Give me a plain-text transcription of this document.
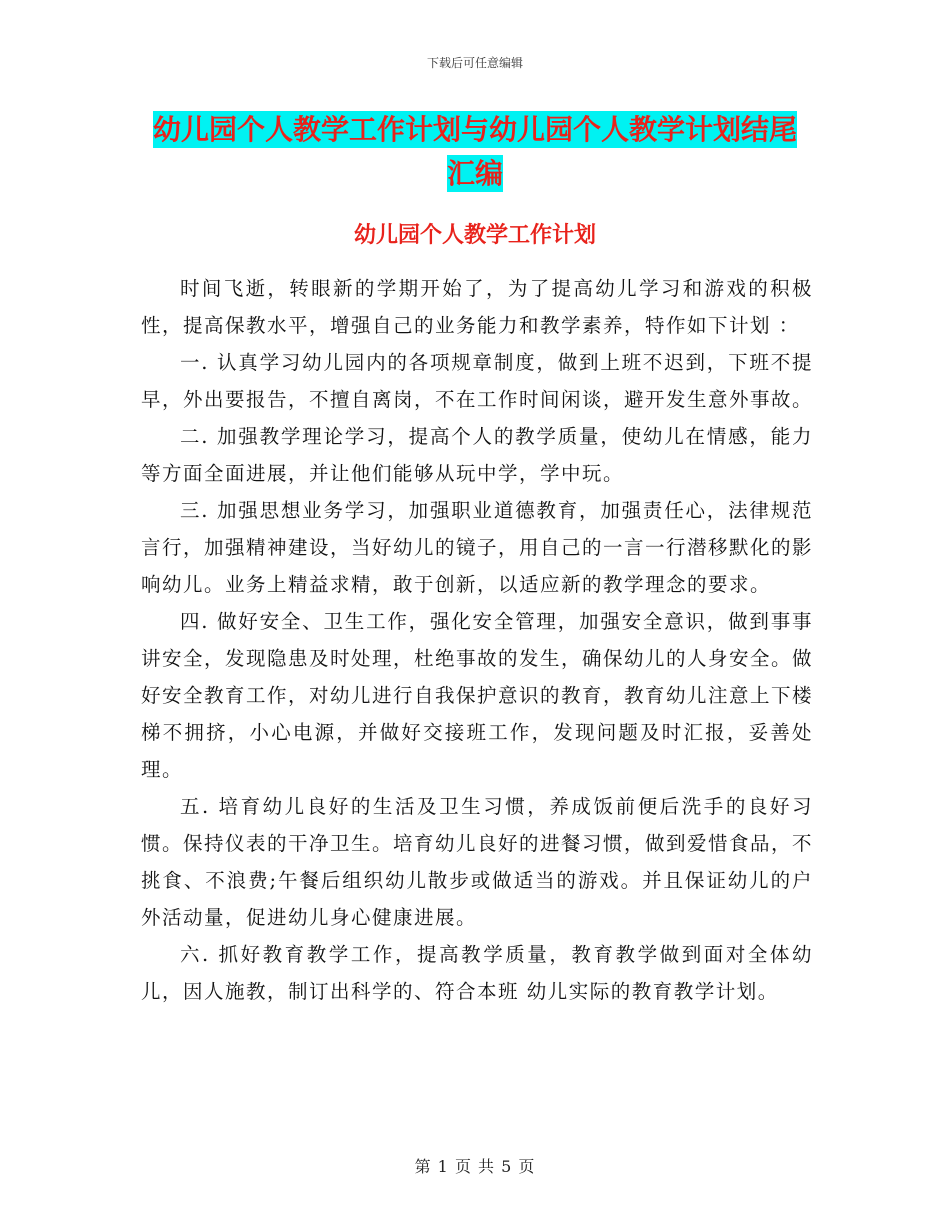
下载后可任意编辑
幼儿园个人教学工作计划与幼儿园个人教学计划结尾汇编
幼儿园个人教学工作计划

时间飞逝，转眼新的学期开始了，为了提高幼儿学习和游戏的积极性，提高保教水平，增强自己的业务能力和教学素养，特作如下计划 ：

一. 认真学习幼儿园内的各项规章制度，做到上班不迟到，下班不提早，外出要报告，不擅自离岗，不在工作时间闲谈，避开发生意外事故。

二. 加强教学理论学习，提高个人的教学质量，使幼儿在情感，能力等方面全面进展，并让他们能够从玩中学，学中玩。

三. 加强思想业务学习，加强职业道德教育，加强责任心，法律规范言行，加强精神建设，当好幼儿的镜子，用自己的一言一行潜移默化的影响幼儿。业务上精益求精，敢于创新，以适应新的教学理念的要求。

四. 做好安全、卫生工作，强化安全管理，加强安全意识，做到事事讲安全，发现隐患及时处理，杜绝事故的发生，确保幼儿的人身安全。做好安全教育工作，对幼儿进行自我保护意识的教育，教育幼儿注意上下楼梯不拥挤，小心电源，并做好交接班工作，发现问题及时汇报，妥善处理。

五. 培育幼儿良好的生活及卫生习惯，养成饭前便后洗手的良好习惯。保持仪表的干净卫生。培育幼儿良好的进餐习惯，做到爱惜食品，不挑食、不浪费;午餐后组织幼儿散步或做适当的游戏。并且保证幼儿的户外活动量，促进幼儿身心健康进展。

六. 抓好教育教学工作，提高教学质量，教育教学做到面对全体幼儿，因人施教，制订出科学的、符合本班 幼儿实际的教育教学计划。

第 1 页 共 5 页
